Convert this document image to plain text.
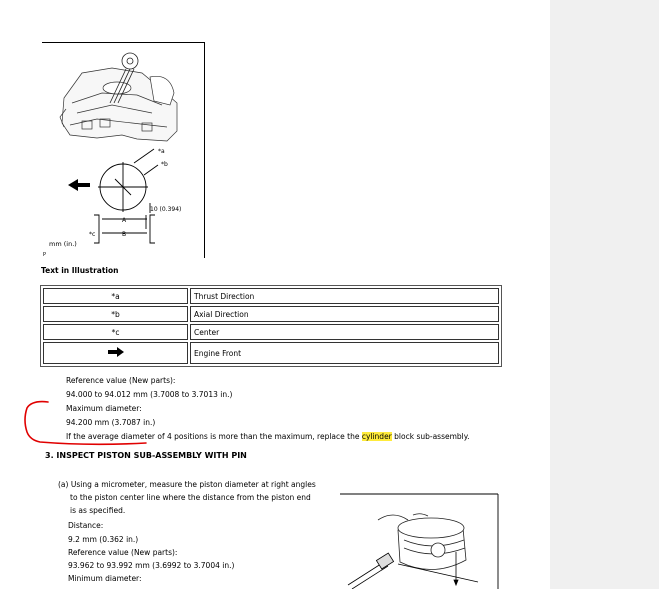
*a
*b
10 (0.394)
A
B
*c
mm (in.)
P
Text in Illustration
*a	Thrust Direction
*b	Axial Direction
*c	Center
	Engine Front
Reference value (New parts):
94.000 to 94.012 mm (3.7008 to 3.7013 in.)
Maximum diameter:
94.200 mm (3.7087 in.)
If the average diameter of 4 positions is more than the maximum, replace the cylinder block sub-assembly.
3. INSPECT PISTON SUB-ASSEMBLY WITH PIN
(a) Using a micrometer, measure the piston diameter at right angles
to the piston center line where the distance from the piston end
is as specified.
Distance:
9.2 mm (0.362 in.)
Reference value (New parts):
93.962 to 93.992 mm (3.6992 to 3.7004 in.)
Minimum diameter:
